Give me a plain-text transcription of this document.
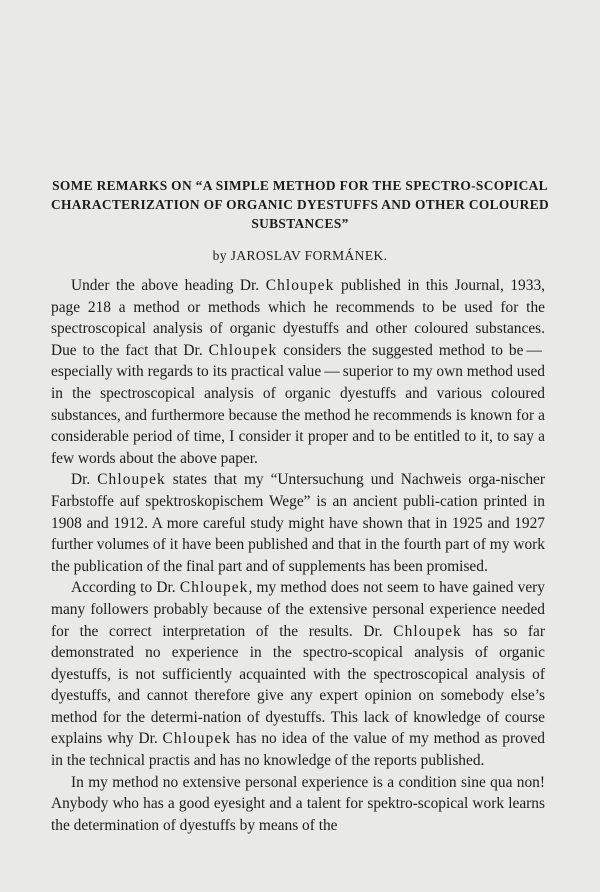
SOME REMARKS ON “A SIMPLE METHOD FOR THE SPECTRO-SCOPICAL CHARACTERIZATION OF ORGANIC DYESTUFFS AND OTHER COLOURED SUBSTANCES”
by JAROSLAV FORMÁNEK.

Under the above heading Dr. Chloupek published in this Journal, 1933, page 218 a method or methods which he recommends to be used for the spectroscopical analysis of organic dyestuffs and other coloured substances. Due to the fact that Dr. Chloupek considers the suggested method to be — especially with regards to its practical value — superior to my own method used in the spectroscopical analysis of organic dyestuffs and various coloured substances, and furthermore because the method he recommends is known for a considerable period of time, I consider it proper and to be entitled to it, to say a few words about the above paper.

Dr. Chloupek states that my “Untersuchung und Nachweis orga-nischer Farbstoffe auf spektroskopischem Wege” is an ancient publi-cation printed in 1908 and 1912. A more careful study might have shown that in 1925 and 1927 further volumes of it have been published and that in the fourth part of my work the publication of the final part and of supplements has been promised.

According to Dr. Chloupek, my method does not seem to have gained very many followers probably because of the extensive personal experience needed for the correct interpretation of the results. Dr. Chloupek has so far demonstrated no experience in the spectro-scopical analysis of organic dyestuffs, is not sufficiently acquainted with the spectroscopical analysis of dyestuffs, and cannot therefore give any expert opinion on somebody else’s method for the determi-nation of dyestuffs. This lack of knowledge of course explains why Dr. Chloupek has no idea of the value of my method as proved in the technical practis and has no knowledge of the reports published.

In my method no extensive personal experience is a condition sine qua non! Anybody who has a good eyesight and a talent for spektro-scopical work learns the determination of dyestuffs by means of the
